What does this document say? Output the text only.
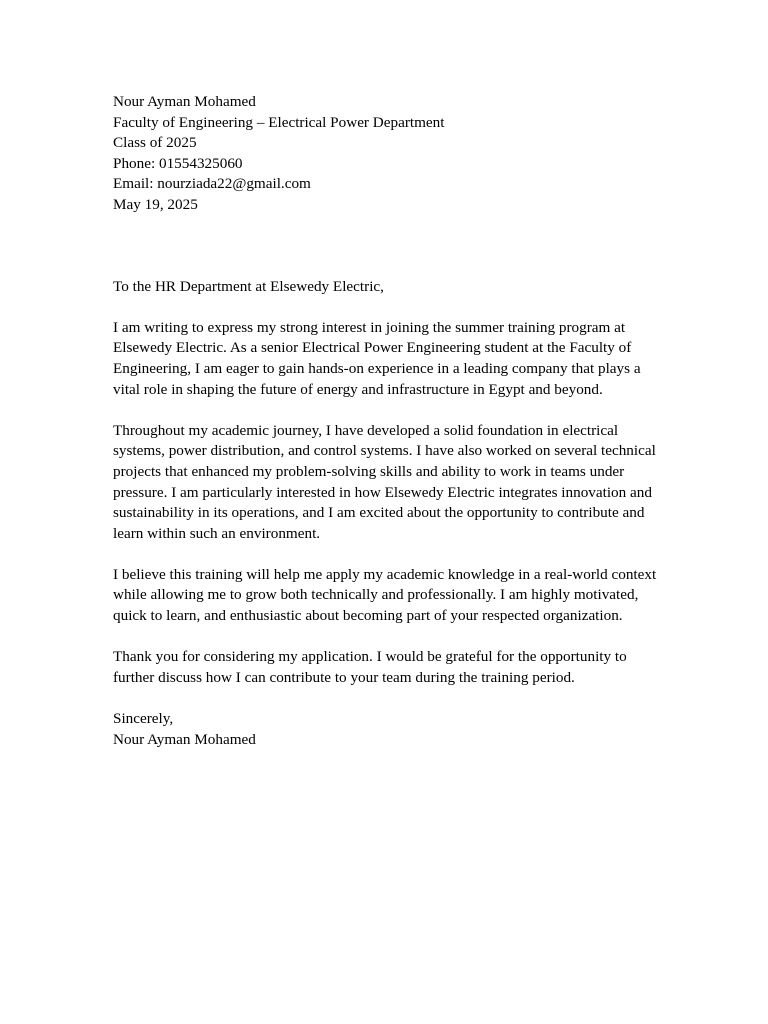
Nour Ayman Mohamed
Faculty of Engineering – Electrical Power Department
Class of 2025
Phone: 01554325060
Email: nourziada22@gmail.com
May 19, 2025
To the HR Department at Elsewedy Electric,

I am writing to express my strong interest in joining the summer training program at Elsewedy Electric. As a senior Electrical Power Engineering student at the Faculty of Engineering, I am eager to gain hands-on experience in a leading company that plays a vital role in shaping the future of energy and infrastructure in Egypt and beyond.

Throughout my academic journey, I have developed a solid foundation in electrical systems, power distribution, and control systems. I have also worked on several technical projects that enhanced my problem-solving skills and ability to work in teams under pressure. I am particularly interested in how Elsewedy Electric integrates innovation and sustainability in its operations, and I am excited about the opportunity to contribute and learn within such an environment.

I believe this training will help me apply my academic knowledge in a real-world context while allowing me to grow both technically and professionally. I am highly motivated, quick to learn, and enthusiastic about becoming part of your respected organization.

Thank you for considering my application. I would be grateful for the opportunity to further discuss how I can contribute to your team during the training period.

Sincerely,
Nour Ayman Mohamed
